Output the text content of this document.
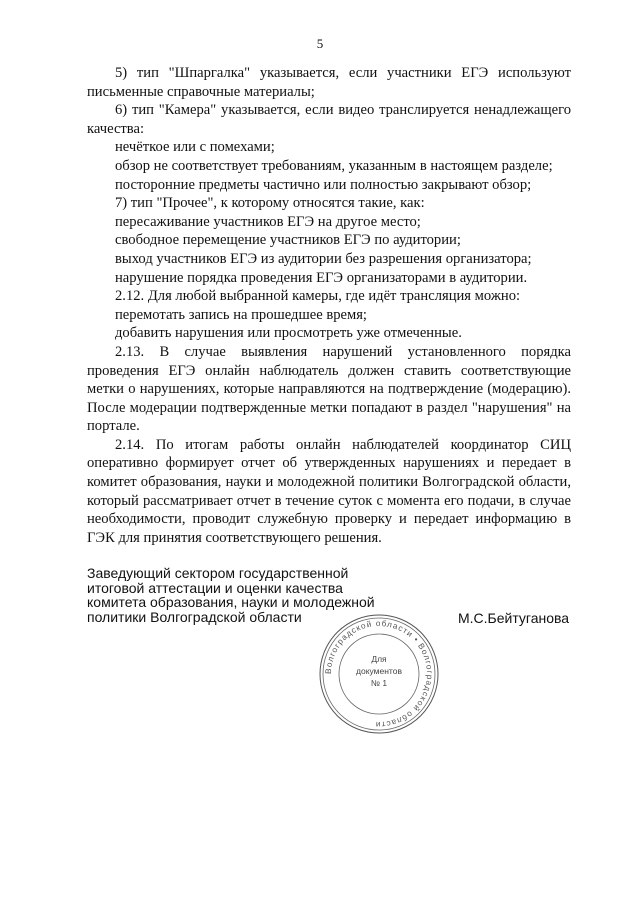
5

5) тип "Шпаргалка" указывается, если участники ЕГЭ используют письменные справочные материалы;

6) тип "Камера" указывается, если видео транслируется ненадлежащего качества:

нечёткое или с помехами;

обзор не соответствует требованиям, указанным в настоящем разделе;

посторонние предметы частично или полностью закрывают обзор;

7) тип "Прочее", к которому относятся такие, как:

пересаживание участников ЕГЭ на другое место;

свободное перемещение участников ЕГЭ по аудитории;

выход участников ЕГЭ из аудитории без разрешения организатора;

нарушение порядка проведения ЕГЭ организаторами в аудитории.

2.12. Для любой выбранной камеры, где идёт трансляция можно:

перемотать запись на прошедшее время;

добавить нарушения или просмотреть уже отмеченные.

2.13. В случае выявления нарушений установленного порядка проведения ЕГЭ онлайн наблюдатель должен ставить соответствующие метки о нарушениях, которые направляются на подтверждение (модерацию). После модерации подтвержденные метки попадают в раздел "нарушения" на портале.

2.14. По итогам работы онлайн наблюдателей координатор СИЦ оперативно формирует отчет об утвержденных нарушениях и передает в комитет образования, науки и молодежной политики Волгоградской области, который рассматривает отчет в течение суток с момента его подачи, в случае необходимости, проводит служебную проверку и передает информацию в ГЭК для принятия соответствующего решения.

Заведующий сектором государственной
итоговой аттестации и оценки качества
комитета образования, науки и молодежной
политики Волгоградской области	М.С.Бейтуганова
Волгоградской области • Волгоградской области
Для
документов
№ 1
